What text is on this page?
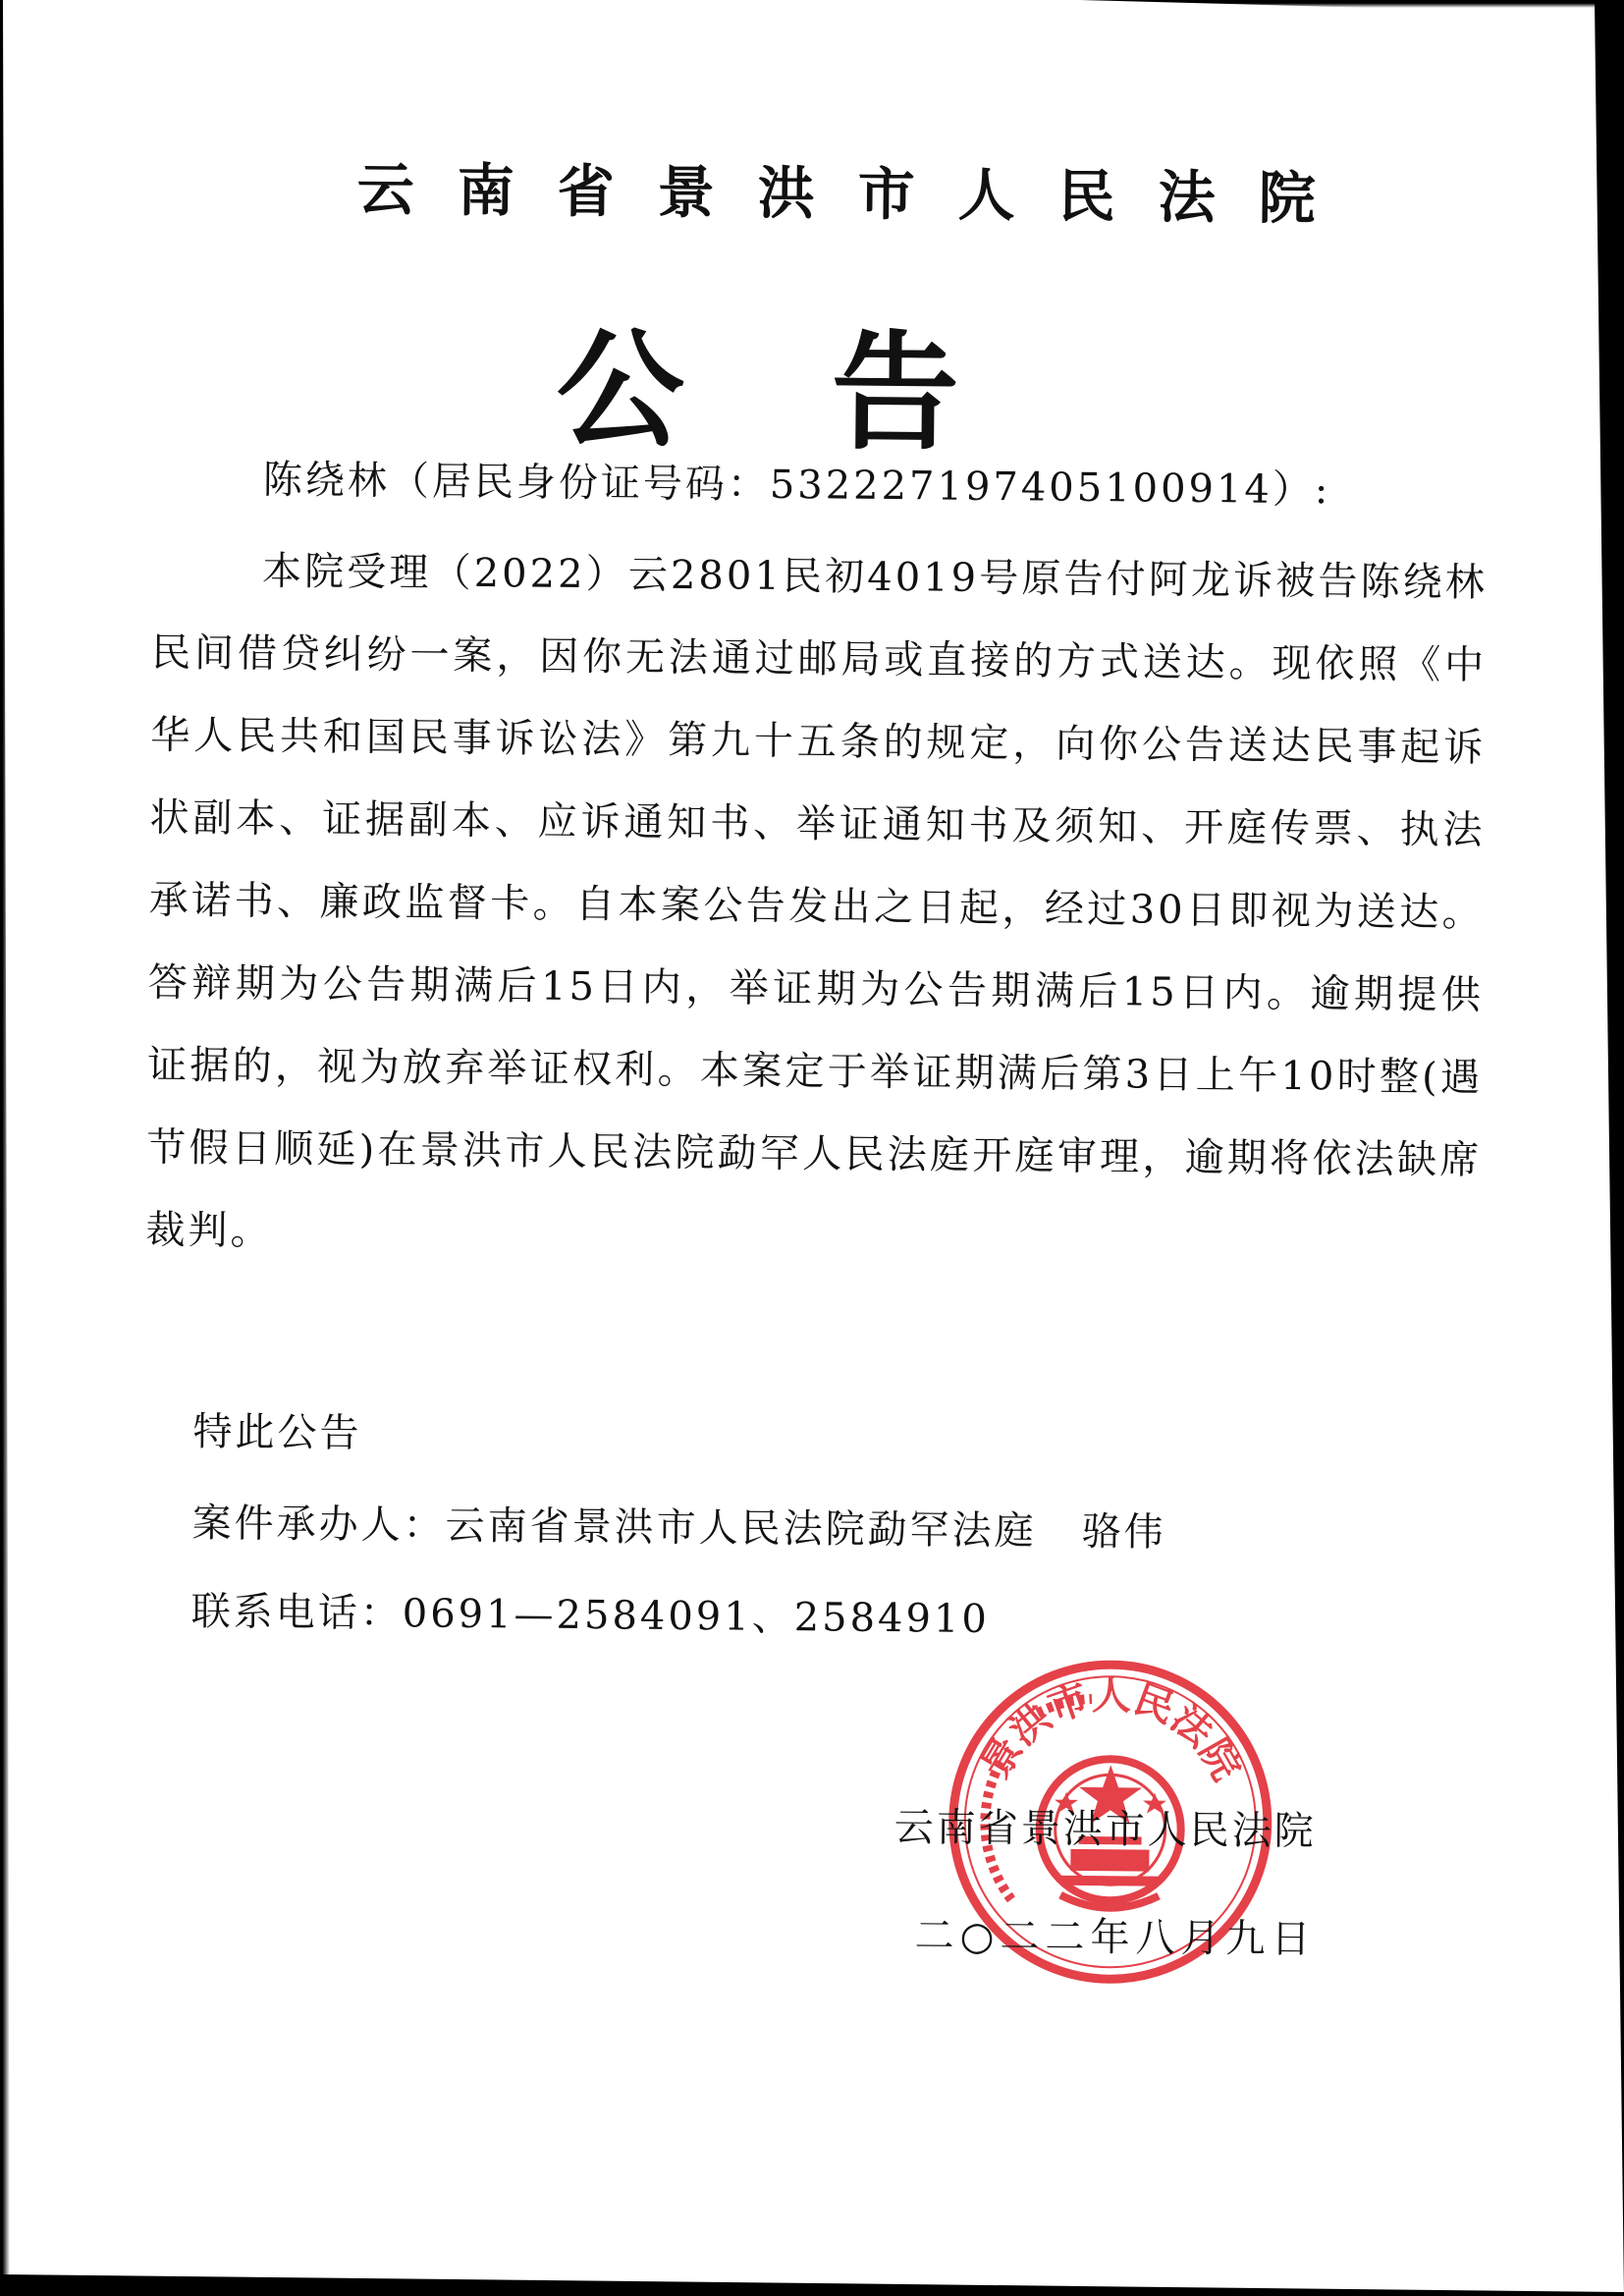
云南省景洪市人民法院
公告
陈绕林（居民身份证号码：532227197405100914）:
本院受理（2022）云2801民初4019号原告付阿龙诉被告陈绕林民间借贷纠纷一案，因你无法通过邮局或直接的方式送达。现依照《中华人民共和国民事诉讼法》第九十五条的规定，向你公告送达民事起诉状副本、证据副本、应诉通知书、举证通知书及须知、开庭传票、执法承诺书、廉政监督卡。自本案公告发出之日起，经过30日即视为送达。答辩期为公告期满后15日内，举证期为公告期满后15日内。逾期提供证据的，视为放弃举证权利。本案定于举证期满后第3日上午10时整(遇节假日顺延)在景洪市人民法院勐罕人民法庭开庭审理，逾期将依法缺席裁判。
特此公告
案件承办人：云南省景洪市人民法院勐罕法庭 骆伟
联系电话：0691—2584091、2584910
景洪市人民法院
云南省景洪市人民法院
二○二二年八月九日
